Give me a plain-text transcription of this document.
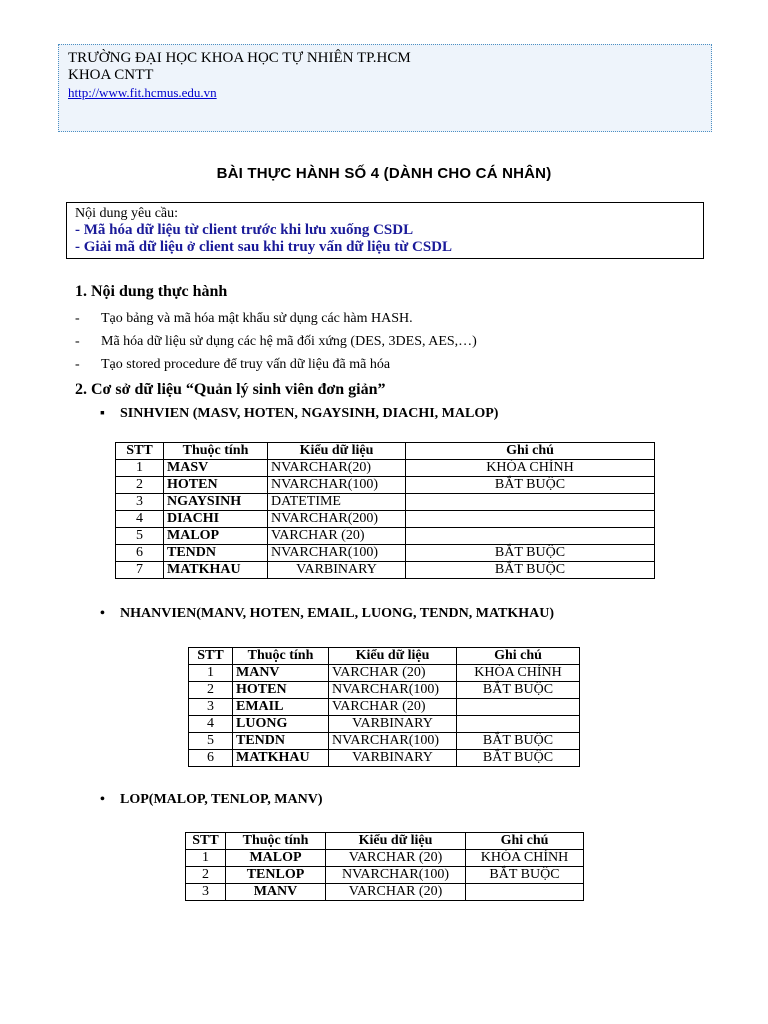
TRƯỜNG ĐẠI HỌC KHOA HỌC TỰ NHIÊN TP.HCM
KHOA CNTT
http://www.fit.hcmus.edu.vn
BÀI THỰC HÀNH SỐ 4 (DÀNH CHO CÁ NHÂN)
Nội dung yêu cầu:
- Mã hóa dữ liệu từ client trước khi lưu xuống CSDL
- Giải mã dữ liệu ở client sau khi truy vấn dữ liệu từ CSDL
1. Nội dung thực hành
- Tạo bảng và mã hóa mật khẩu sử dụng các hàm HASH.
- Mã hóa dữ liệu sử dụng các hệ mã đối xứng (DES, 3DES, AES,…)
- Tạo stored procedure để truy vấn dữ liệu đã mã hóa
2. Cơ sở dữ liệu “Quản lý sinh viên đơn giản”
▪ SINHVIEN (MASV, HOTEN, NGAYSINH, DIACHI, MALOP)
STT	Thuộc tính	Kiểu dữ liệu	Ghi chú
1	MASV	NVARCHAR(20)	KHÓA CHÍNH
2	HOTEN	NVARCHAR(100)	BẮT BUỘC
3	NGAYSINH	DATETIME	
4	DIACHI	NVARCHAR(200)	
5	MALOP	VARCHAR (20)	
6	TENDN	NVARCHAR(100)	BẮT BUỘC
7	MATKHAU	VARBINARY	BẮT BUỘC
• NHANVIEN(MANV, HOTEN, EMAIL, LUONG, TENDN, MATKHAU)
STT	Thuộc tính	Kiểu dữ liệu	Ghi chú
1	MANV	VARCHAR (20)	KHÓA CHÍNH
2	HOTEN	NVARCHAR(100)	BẮT BUỘC
3	EMAIL	VARCHAR (20)	
4	LUONG	VARBINARY	
5	TENDN	NVARCHAR(100)	BẮT BUỘC
6	MATKHAU	VARBINARY	BẮT BUỘC
• LOP(MALOP, TENLOP, MANV)
STT	Thuộc tính	Kiểu dữ liệu	Ghi chú
1	MALOP	VARCHAR (20)	KHÓA CHÍNH
2	TENLOP	NVARCHAR(100)	BẮT BUỘC
3	MANV	VARCHAR (20)	
